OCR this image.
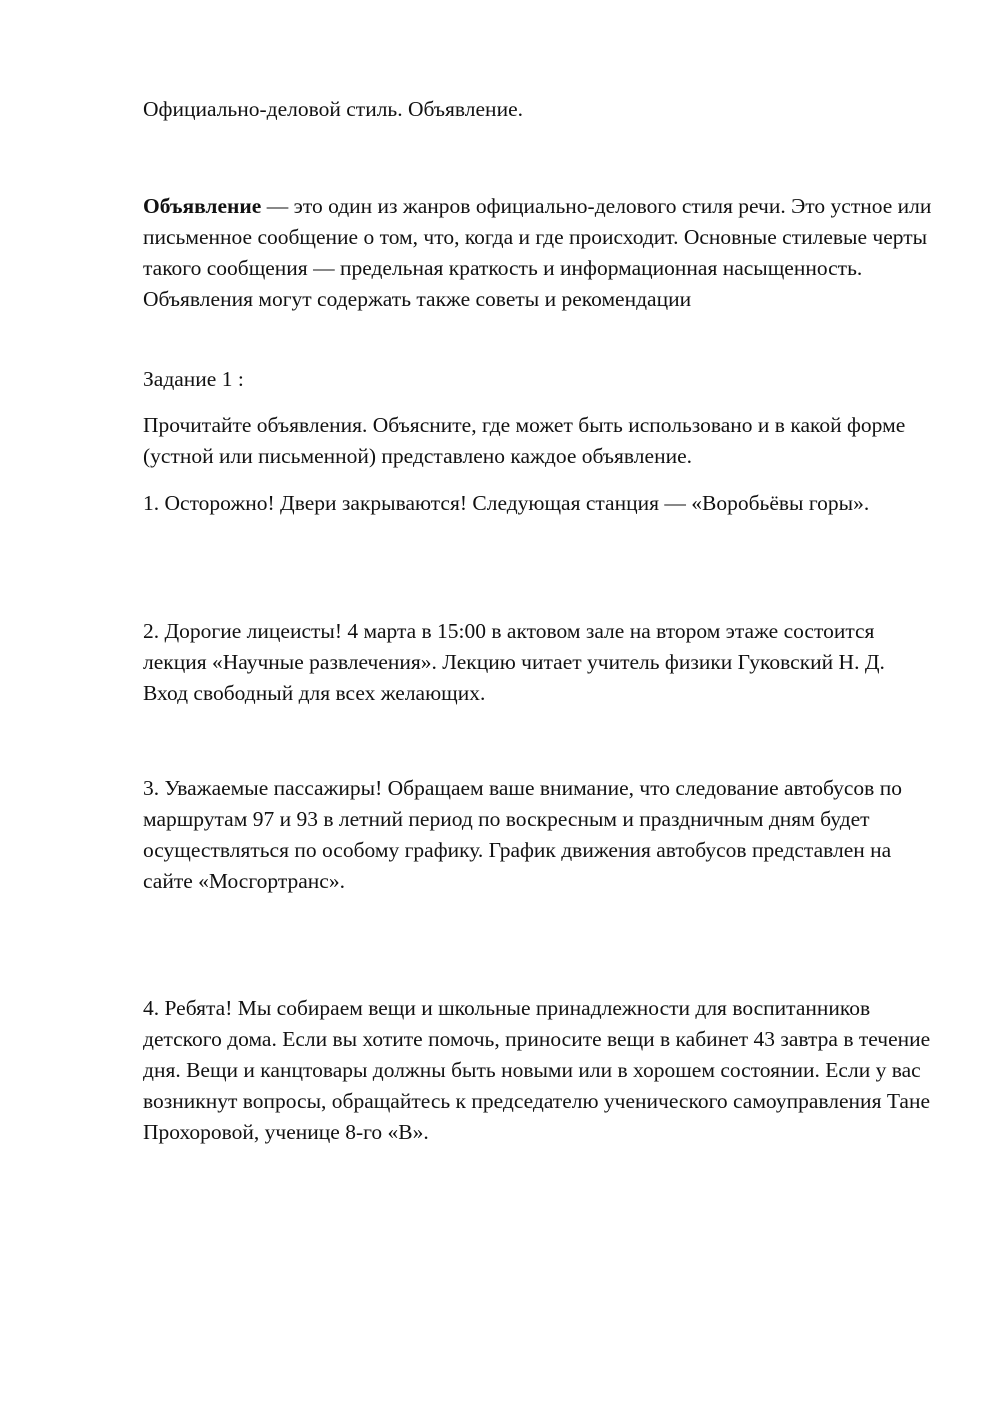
Официально-деловой стиль. Объявление.

Объявление — это один из жанров официально-делового стиля речи. Это устное или письменное сообщение о том, что, когда и где происходит. Основные стилевые черты такого сообщения — предельная краткость и информационная насыщенность. Объявления могут содержать также советы и рекомендации

Задание 1 :

Прочитайте объявления. Объясните, где может быть использовано и в какой форме (устной или письменной) представлено каждое объявление.

1. Осторожно! Двери закрываются! Следующая станция — «Воробьёвы горы».

2. Дорогие лицеисты! 4 марта в 15:00 в актовом зале на втором этаже состоится лекция «Научные развлечения». Лекцию читает учитель физики Гуковский Н. Д. Вход свободный для всех желающих.

3. Уважаемые пассажиры! Обращаем ваше внимание, что следование автобусов по маршрутам 97 и 93 в летний период по воскресным и праздничным дням будет осуществляться по особому графику. График движения автобусов представлен на сайте «Мосгортранс».

4. Ребята! Мы собираем вещи и школьные принадлежности для воспитанников детского дома. Если вы хотите помочь, приносите вещи в кабинет 43 завтра в течение дня. Вещи и канцтовары должны быть новыми или в хорошем состоянии. Если у вас возникнут вопросы, обращайтесь к председателю ученического самоуправления Тане Прохоровой, ученице 8-го «В».
